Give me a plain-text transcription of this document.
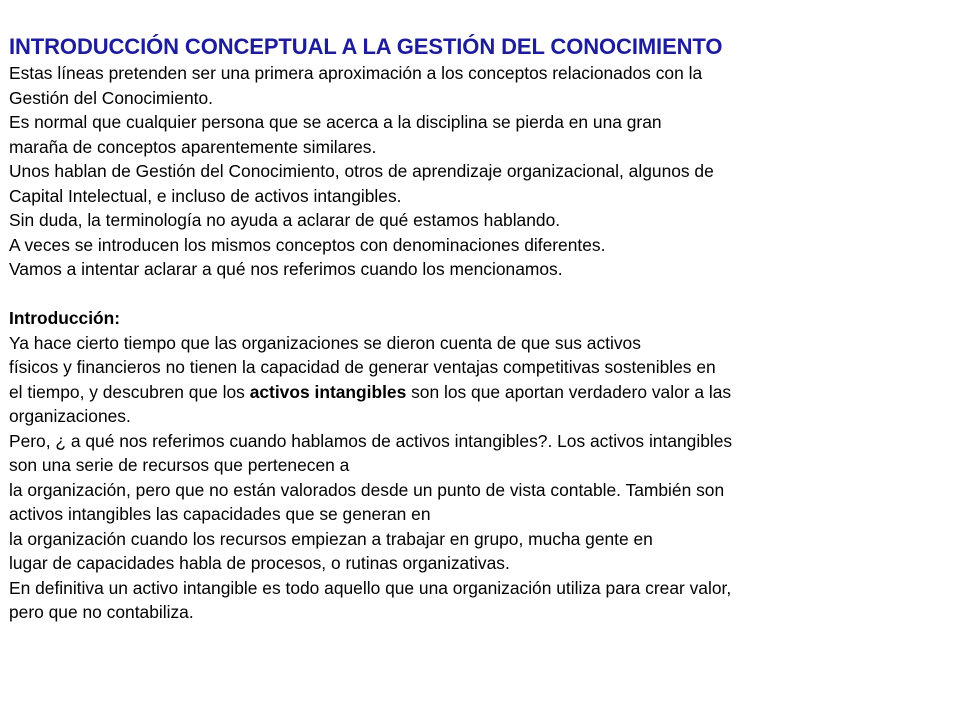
INTRODUCCIÓN CONCEPTUAL A LA GESTIÓN DEL CONOCIMIENTO
Estas líneas pretenden ser una primera aproximación a los conceptos relacionados con la
Gestión del Conocimiento.
Es normal que cualquier persona que se acerca a la disciplina se pierda en una gran
maraña de conceptos aparentemente similares.
Unos hablan de Gestión del Conocimiento, otros de aprendizaje organizacional, algunos de
Capital Intelectual, e incluso de activos intangibles.
Sin duda, la terminología no ayuda a aclarar de qué estamos hablando.
A veces se introducen los mismos conceptos con denominaciones diferentes.
Vamos a intentar aclarar a qué nos referimos cuando los mencionamos.
Introducción:
Ya hace cierto tiempo que las organizaciones se dieron cuenta de que sus activos
físicos y financieros no tienen la capacidad de generar ventajas competitivas sostenibles en
el tiempo, y descubren que los activos intangibles son los que aportan verdadero valor a las
organizaciones.
Pero, ¿ a qué nos referimos cuando hablamos de activos intangibles?. Los activos intangibles
son una serie de recursos que pertenecen a
la organización, pero que no están valorados desde un punto de vista contable. También son
activos intangibles las capacidades que se generan en
la organización cuando los recursos empiezan a trabajar en grupo, mucha gente en
lugar de capacidades habla de procesos, o rutinas organizativas.
En definitiva un activo intangible es todo aquello que una organización utiliza para crear valor,
pero que no contabiliza.
